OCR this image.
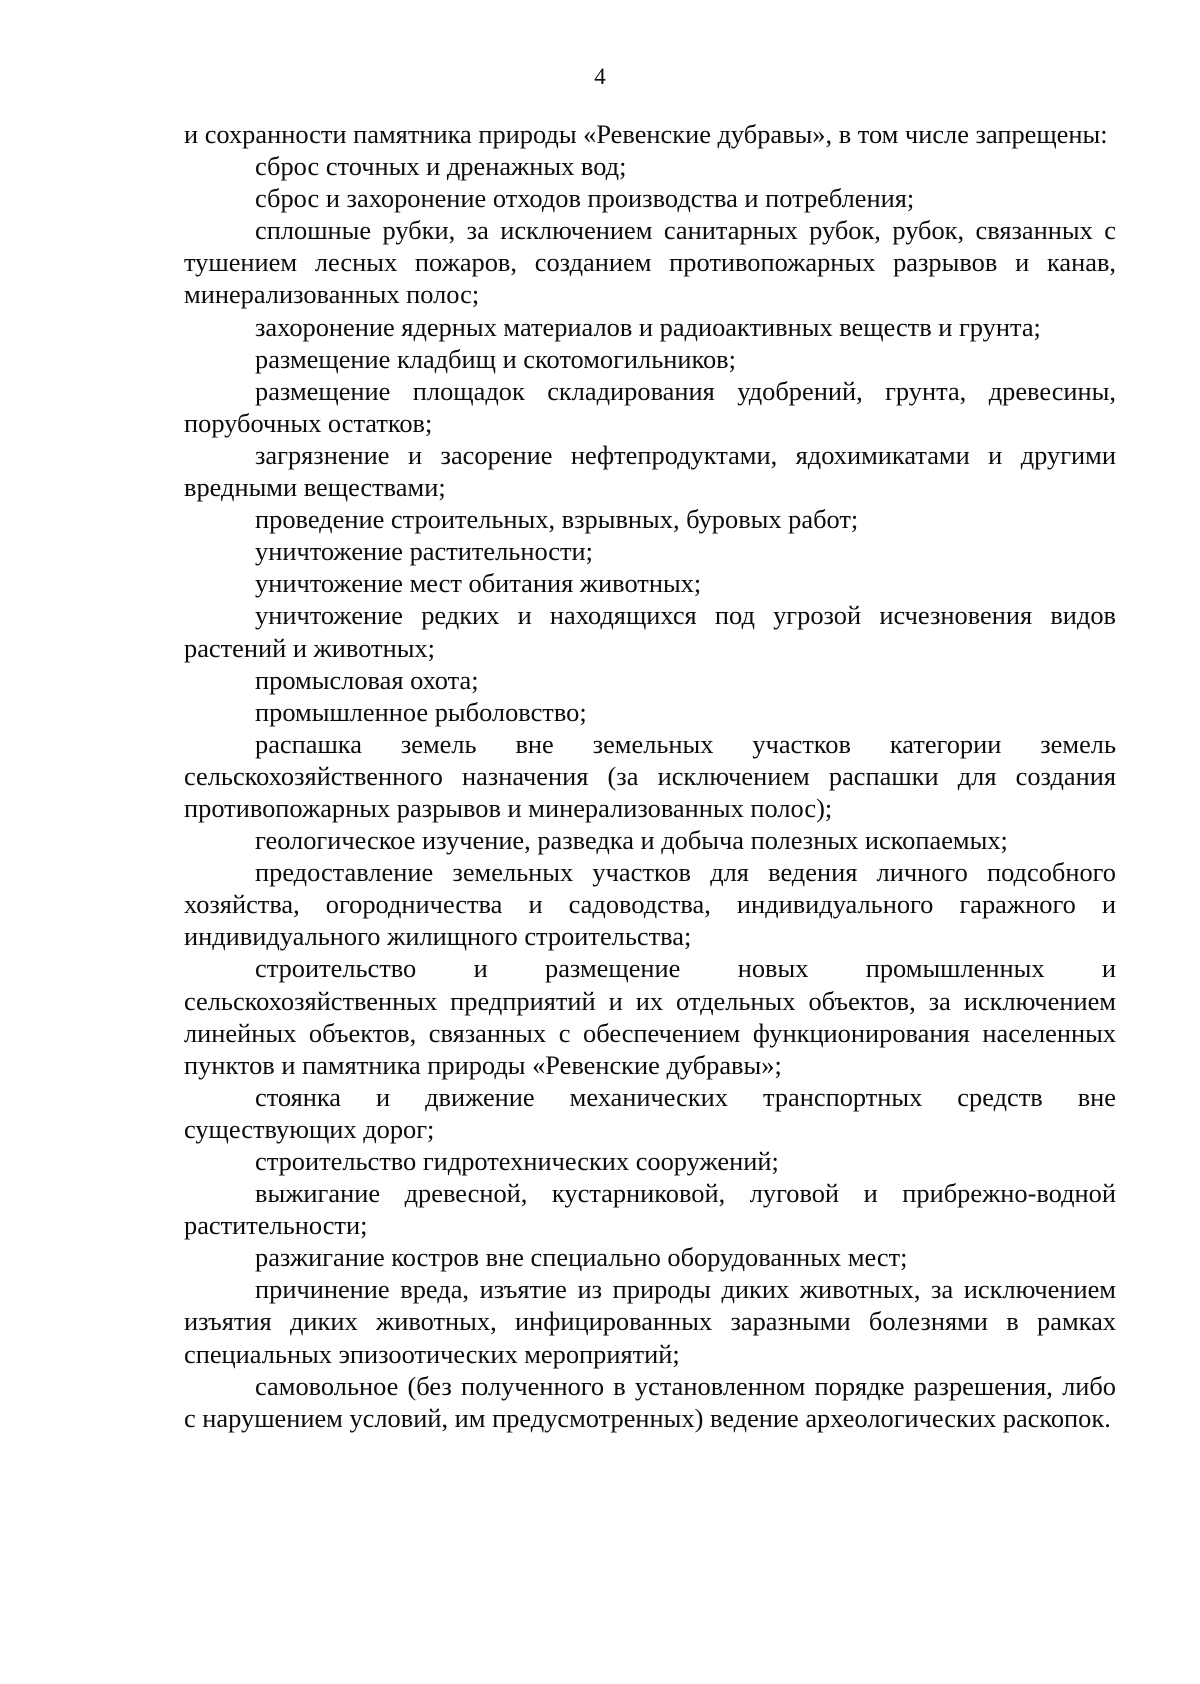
4

и сохранности памятника природы «Ревенские дубравы», в том числе запрещены:

сброс сточных и дренажных вод;

сброс и захоронение отходов производства и потребления;

сплошные рубки, за исключением санитарных рубок, рубок, связанных с тушением лесных пожаров, созданием противопожарных разрывов и канав, минерализованных полос;

захоронение ядерных материалов и радиоактивных веществ и грунта;

размещение кладбищ и скотомогильников;

размещение площадок складирования удобрений, грунта, древесины, порубочных остатков;

загрязнение и засорение нефтепродуктами, ядохимикатами и другими вредными веществами;

проведение строительных, взрывных, буровых работ;

уничтожение растительности;

уничтожение мест обитания животных;

уничтожение редких и находящихся под угрозой исчезновения видов растений и животных;

промысловая охота;

промышленное рыболовство;

распашка земель вне земельных участков категории земель сельскохозяйственного назначения (за исключением распашки для создания противопожарных разрывов и минерализованных полос);

геологическое изучение, разведка и добыча полезных ископаемых;

предоставление земельных участков для ведения личного подсобного хозяйства, огородничества и садоводства, индивидуального гаражного и индивидуального жилищного строительства;

строительство и размещение новых промышленных и сельскохозяйственных предприятий и их отдельных объектов, за исключением линейных объектов, связанных с обеспечением функционирования населенных пунктов и памятника природы «Ревенские дубравы»;

стоянка и движение механических транспортных средств вне существующих дорог;

строительство гидротехнических сооружений;

выжигание древесной, кустарниковой, луговой и прибрежно-водной растительности;

разжигание костров вне специально оборудованных мест;

причинение вреда, изъятие из природы диких животных, за исключением изъятия диких животных, инфицированных заразными болезнями в рамках специальных эпизоотических мероприятий;

самовольное (без полученного в установленном порядке разрешения, либо с нарушением условий, им предусмотренных) ведение археологических раскопок.
